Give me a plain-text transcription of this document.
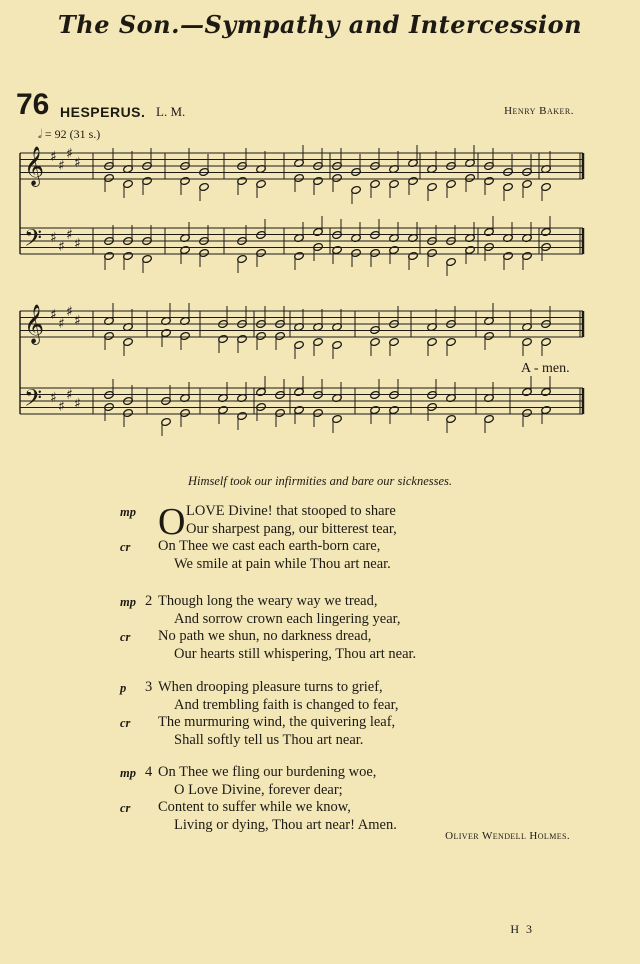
The Son.—Sympathy and Intercession
76 HESPERUS. L. M.	Henry Baker.
𝅗𝅥 = 92 (31 s.)
𝄞
𝄢
♯
♯
♯
♯
♯
♯
♯
♯
𝄞
𝄢
♯
♯
♯
♯
♯
♯
♯
♯
A - men.
Himself took our infirmities and bare our sicknesses.
mp	LOVE Divine! that stooped to share
Our sharpest pang, our bitterest tear,
cr On Thee we cast each earth-born care,
We smile at pain while Thou art near.
mp 2 Though long the weary way we tread,
And sorrow crown each lingering year,
cr No path we shun, no darkness dread,
Our hearts still whispering, Thou art near.
p 3 When drooping pleasure turns to grief,
And trembling faith is changed to fear,
cr The murmuring wind, the quivering leaf,
Shall softly tell us Thou art near.
mp 4 On Thee we fling our burdening woe,
O Love Divine, forever dear;
cr Content to suffer while we know,
Living or dying, Thou art near! Amen.
O
Oliver Wendell Holmes.
H 3
